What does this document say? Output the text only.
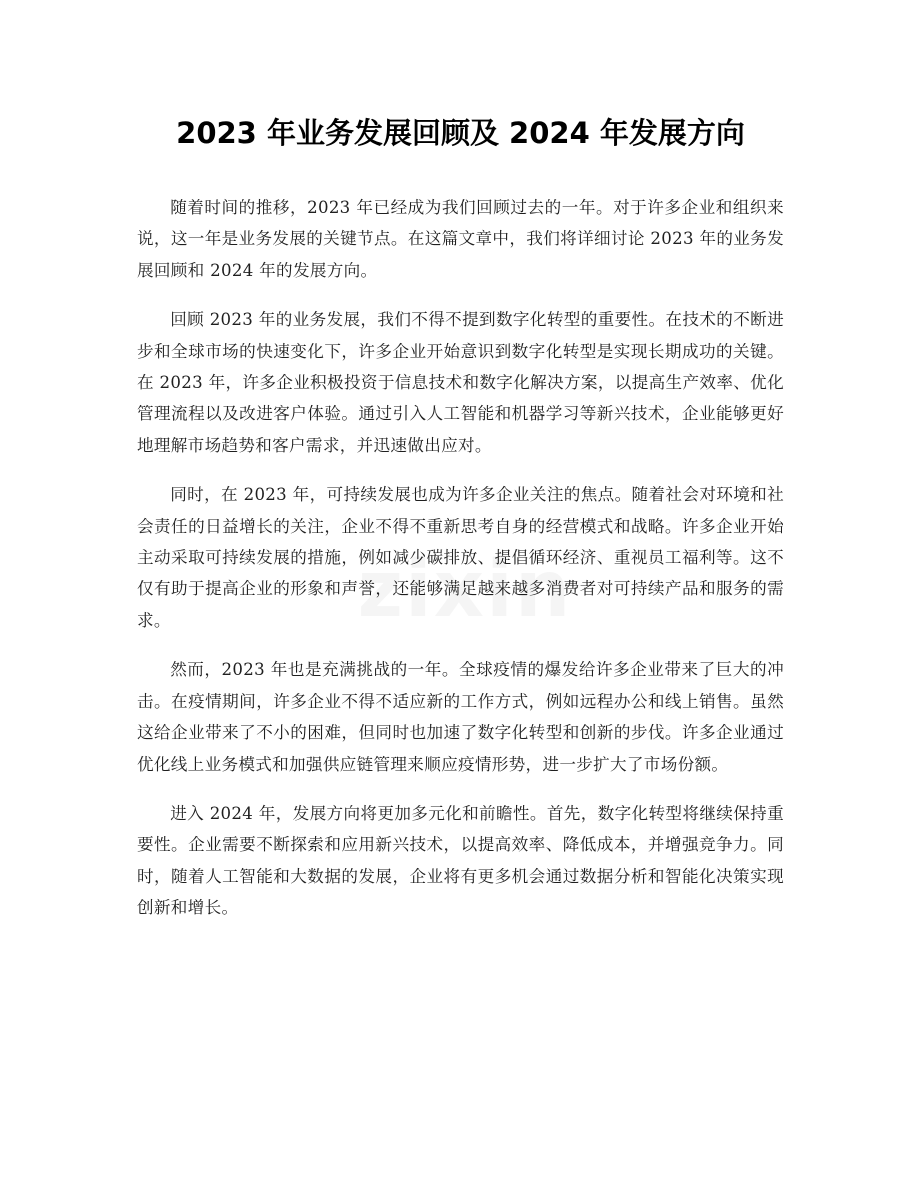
2023 年业务发展回顾及 2024 年发展方向

随着时间的推移，2023 年已经成为我们回顾过去的一年。对于许多企业和组织来说，这一年是业务发展的关键节点。在这篇文章中，我们将详细讨论 2023 年的业务发展回顾和 2024 年的发展方向。

回顾 2023 年的业务发展，我们不得不提到数字化转型的重要性。在技术的不断进步和全球市场的快速变化下，许多企业开始意识到数字化转型是实现长期成功的关键。在 2023 年，许多企业积极投资于信息技术和数字化解决方案，以提高生产效率、优化管理流程以及改进客户体验。通过引入人工智能和机器学习等新兴技术，企业能够更好地理解市场趋势和客户需求，并迅速做出应对。

同时，在 2023 年，可持续发展也成为许多企业关注的焦点。随着社会对环境和社会责任的日益增长的关注，企业不得不重新思考自身的经营模式和战略。许多企业开始主动采取可持续发展的措施，例如减少碳排放、提倡循环经济、重视员工福利等。这不仅有助于提高企业的形象和声誉，还能够满足越来越多消费者对可持续产品和服务的需求。

然而，2023 年也是充满挑战的一年。全球疫情的爆发给许多企业带来了巨大的冲击。在疫情期间，许多企业不得不适应新的工作方式，例如远程办公和线上销售。虽然这给企业带来了不小的困难，但同时也加速了数字化转型和创新的步伐。许多企业通过优化线上业务模式和加强供应链管理来顺应疫情形势，进一步扩大了市场份额。

进入 2024 年，发展方向将更加多元化和前瞻性。首先，数字化转型将继续保持重要性。企业需要不断探索和应用新兴技术，以提高效率、降低成本，并增强竞争力。同时，随着人工智能和大数据的发展，企业将有更多机会通过数据分析和智能化决策实现创新和增长。
